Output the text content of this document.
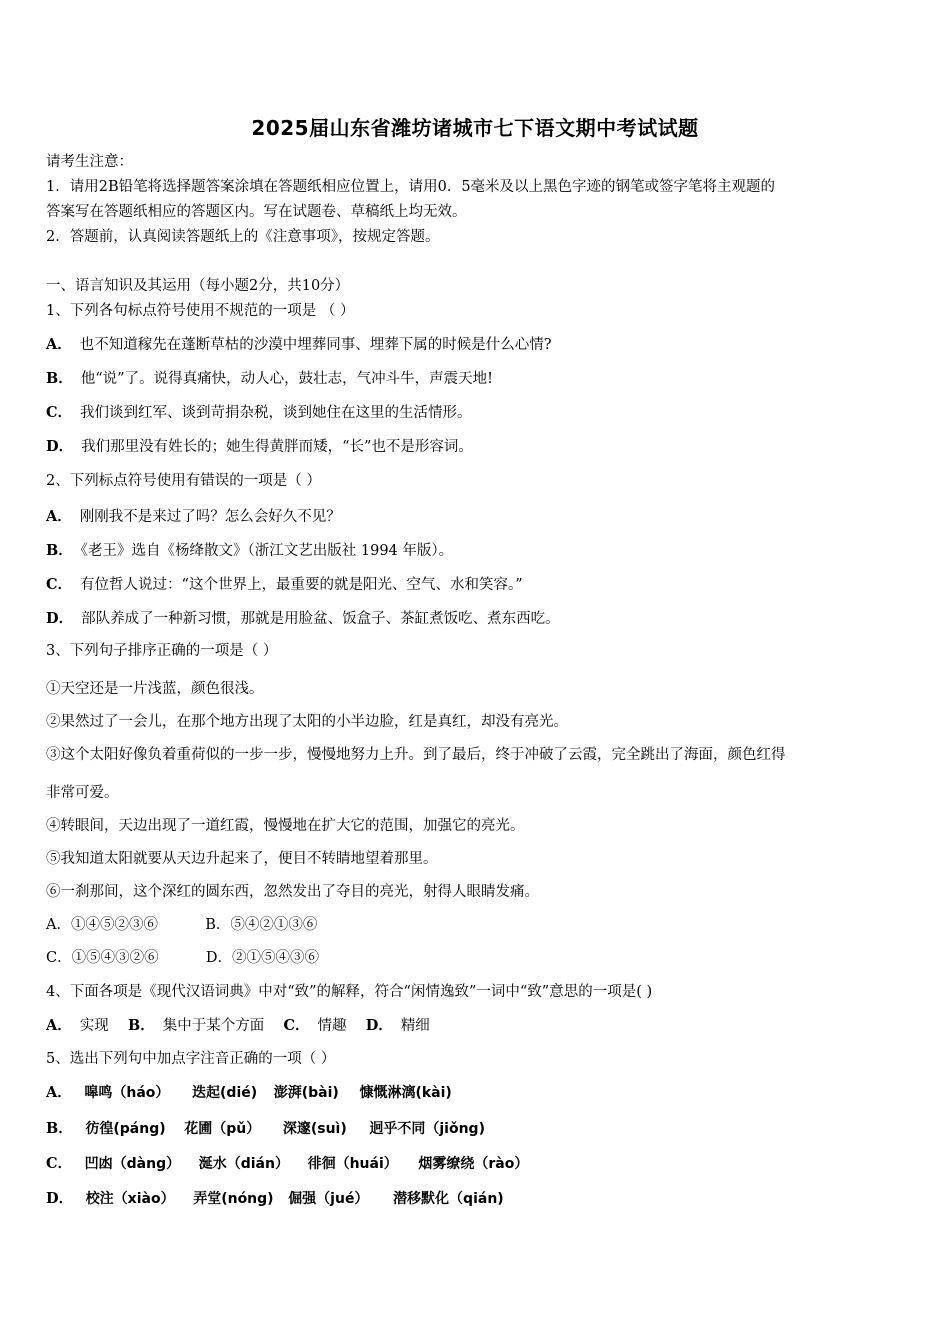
2025届山东省潍坊诸城市七下语文期中考试试题
请考生注意：
1．请用2B铅笔将选择题答案涂填在答题纸相应位置上，请用0．5毫米及以上黑色字迹的钢笔或签字笔将主观题的
答案写在答题纸相应的答题区内。写在试题卷、草稿纸上均无效。
2．答题前，认真阅读答题纸上的《注意事项》，按规定答题。
一、语言知识及其运用（每小题2分，共10分）
1、下列各句标点符号使用不规范的一项是 （ ）
A． 也不知道稼先在蓬断草枯的沙漠中埋葬同事、埋葬下属的时候是什么心情?
B． 他“说”了。说得真痛快，动人心，鼓壮志，气冲斗牛，声震天地!
C． 我们谈到红军、谈到苛捐杂税，谈到她住在这里的生活情形。
D． 我们那里没有姓长的；她生得黄胖而矮，“长”也不是形容词。
2、下列标点符号使用有错误的一项是（ ）
A． 刚刚我不是来过了吗？怎么会好久不见？
B． 《老王》选自《杨绛散文》（浙江文艺出版社 1994 年版）。
C． 有位哲人说过：“这个世界上，最重要的就是阳光、空气、水和笑容。”
D． 部队养成了一种新习惯，那就是用脸盆、饭盒子、茶缸煮饭吃、煮东西吃。
3、下列句子排序正确的一项是（ ）
①天空还是一片浅蓝，颜色很浅。
②果然过了一会儿，在那个地方出现了太阳的小半边脸，红是真红，却没有亮光。
③这个太阳好像负着重荷似的一步一步，慢慢地努力上升。到了最后，终于冲破了云霞，完全跳出了海面，颜色红得
非常可爱。
④转眼间，天边出现了一道红霞，慢慢地在扩大它的范围，加强它的亮光。
⑤我知道太阳就要从天边升起来了，便目不转睛地望着那里。
⑥一刹那间，这个深红的圆东西，忽然发出了夺目的亮光，射得人眼睛发痛。
A．①④⑤②③⑥	B．⑤④②①③⑥
C．①⑤④③②⑥	D．②①⑤④③⑥
4、下面各项是《现代汉语词典》中对“致”的解释，符合“闲情逸致”一词中“致”意思的一项是( )
A． 实现 B． 集中于某个方面 C． 情趣 D． 精细
5、选出下列句中加点字注音正确的一项（ ）
A． 嗥鸣（háo） 迭起(dié) 澎湃(bài) 慷慨淋漓(kài)
B． 彷徨(páng) 花圃（pǔ） 深邃(suì) 迥乎不同（jiǒng)
C． 凹凼（dàng） 涎水（dián） 徘徊（huái） 烟雾缭绕（rào）
D． 校注（xiào） 弄堂(nóng) 倔强（jué） 潜移默化（qián)
